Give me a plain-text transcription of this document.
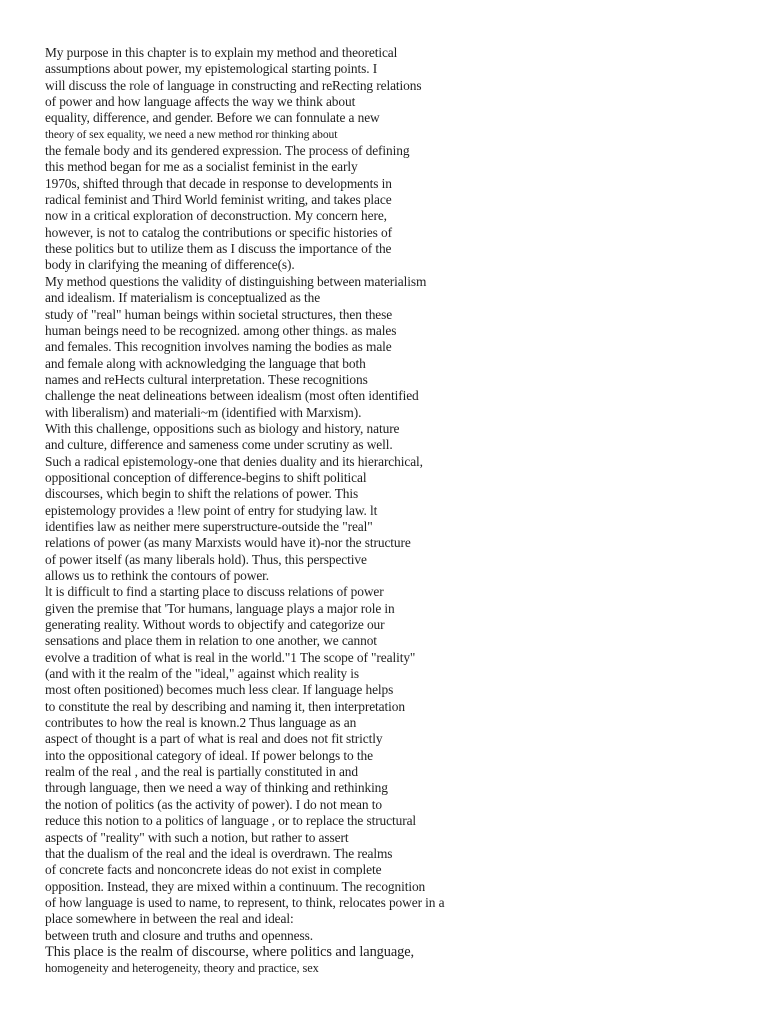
My purpose in this chapter is to explain my method and theoretical
assumptions about power, my epistemological starting points. I
will discuss the role of language in constructing and reRecting relations
of power and how language affects the way we think about
equality, difference, and gender. Before we can fonnulate a new
theory of sex equality, we need a new method ror thinking about
the female body and its gendered expression. The process of defining
this method began for me as a socialist feminist in the early
1970s, shifted through that decade in response to developments in
radical feminist and Third World feminist writing, and takes place
now in a critical exploration of deconstruction. My concern here,
however, is not to catalog the contributions or specific histories of
these politics but to utilize them as I discuss the importance of the
body in clarifying the meaning of difference(s).
My method questions the validity of distinguishing between materialism
and idealism. If materialism is conceptualized as the
study of "real" human beings within societal structures, then these
human beings need to be recognized. among other things. as males
and females. This recognition involves naming the bodies as male
and female along with acknowledging the language that both
names and reHects cultural interpretation. These recognitions
challenge the neat delineations between idealism (most often identified
with liberalism) and materiali~m (identified with Marxism).
With this challenge, oppositions such as biology and history, nature
and culture, difference and sameness come under scrutiny as well.
Such a radical epistemology-one that denies duality and its hierarchical,
oppositional conception of difference-begins to shift political
discourses, which begin to shift the relations of power. This
epistemology provides a !lew point of entry for studying law. lt
identifies law as neither mere superstructure-outside the "real"
relations of power (as many Marxists would have it)-nor the structure
of power itself (as many liberals hold). Thus, this perspective
allows us to rethink the contours of power.
lt is difficult to find a starting place to discuss relations of power
given the premise that 'Tor humans, language plays a major role in
generating reality. Without words to objectify and categorize our
sensations and place them in relation to one another, we cannot
evolve a tradition of what is real in the world."1 The scope of "reality"
(and with it the realm of the "ideal," against which reality is
most often positioned) becomes much less clear. If language helps
to constitute the real by describing and naming it, then interpretation
contributes to how the real is known.2 Thus language as an
aspect of thought is a part of what is real and does not fit strictly
into the oppositional category of ideal. If power belongs to the
realm of the real , and the real is partially constituted in and
through language, then we need a way of thinking and rethinking
the notion of politics (as the activity of power). I do not mean to
reduce this notion to a politics of language , or to replace the structural
aspects of "reality" with such a notion, but rather to assert
that the dualism of the real and the ideal is overdrawn. The realms
of concrete facts and nonconcrete ideas do not exist in complete
opposition. Instead, they are mixed within a continuum. The recognition
of how language is used to name, to represent, to think, relocates power in a
place somewhere in between the real and ideal:
between truth and closure and truths and openness.
This place is the realm of discourse, where politics and language,
homogeneity and heterogeneity, theory and practice, sex
